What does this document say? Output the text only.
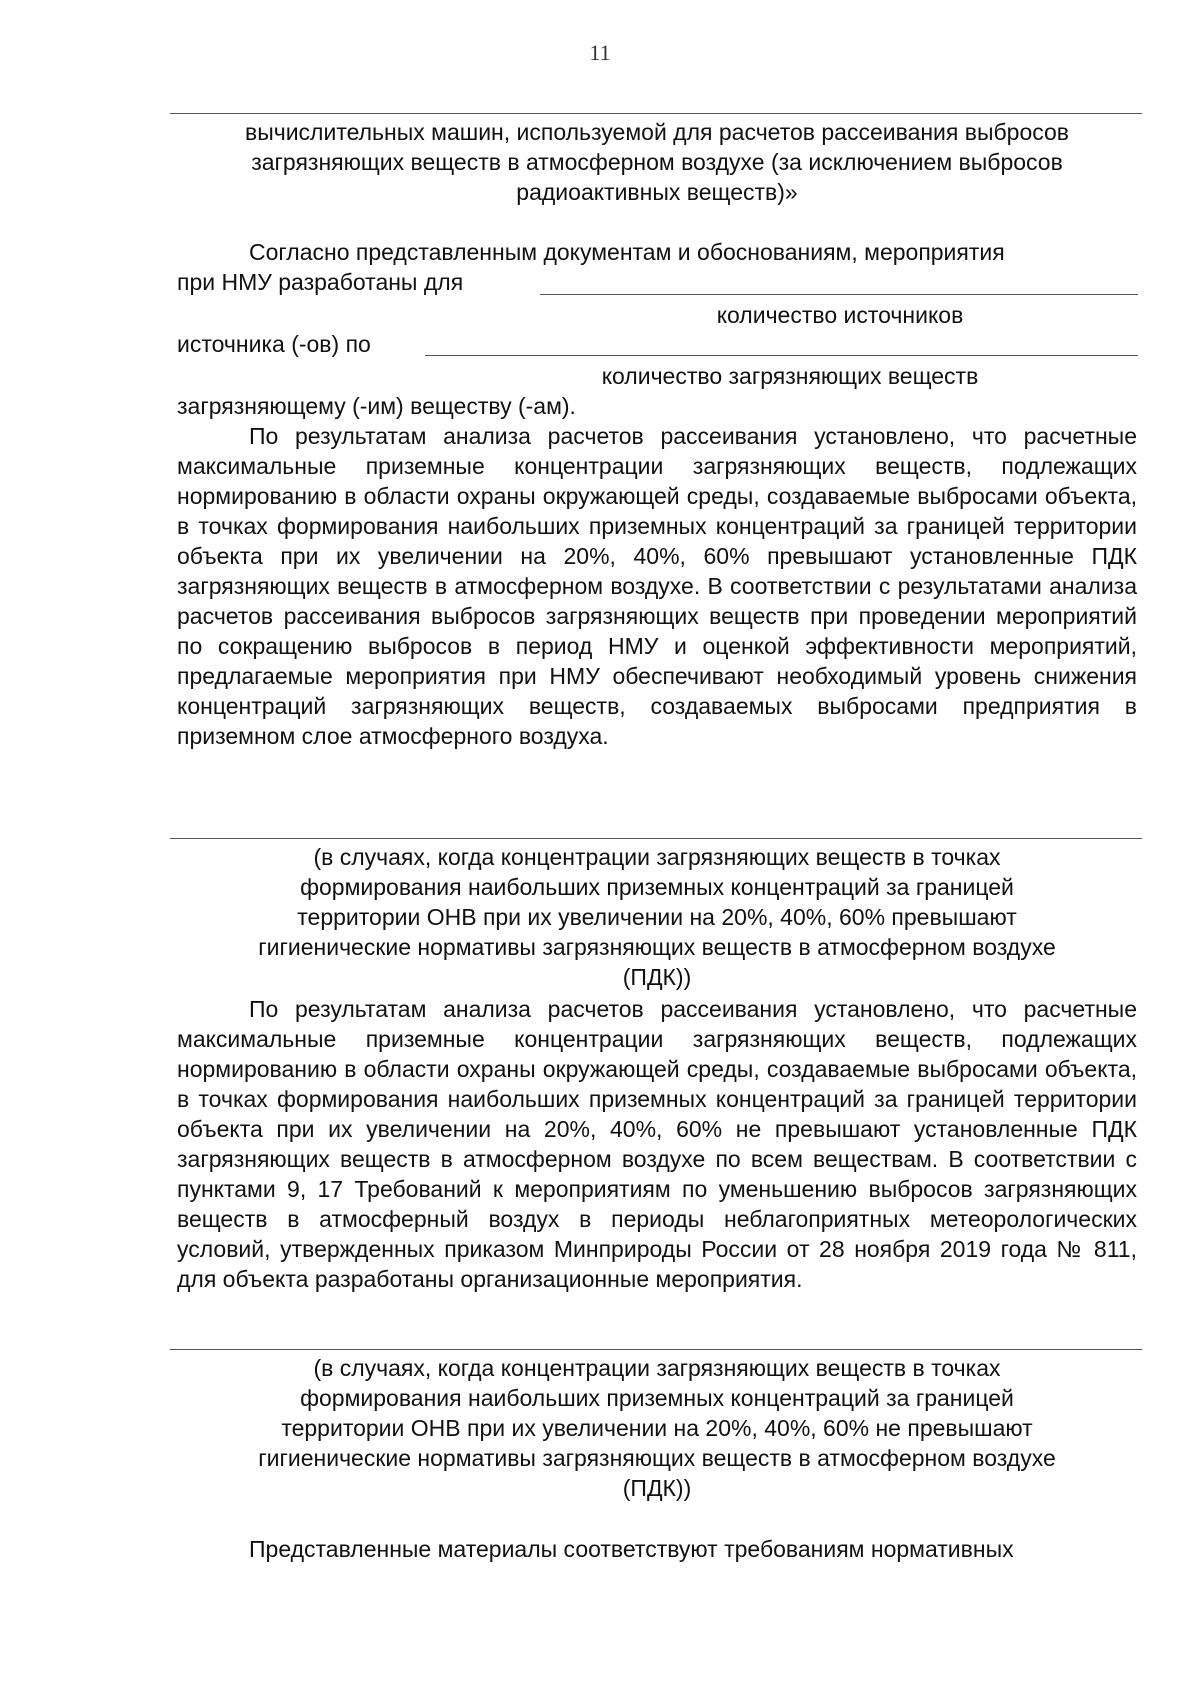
11
вычислительных машин, используемой для расчетов рассеивания выбросов
загрязняющих веществ в атмосферном воздухе (за исключением выбросов
радиоактивных веществ)»
Согласно представленным документам и обоснованиям, мероприятия
при НМУ разработаны для
количество источников
источника (-ов) по
количество загрязняющих веществ
загрязняющему (-им) веществу (-ам).
По результатам анализа расчетов рассеивания установлено, что расчетные максимальные приземные концентрации загрязняющих веществ, подлежащих нормированию в области охраны окружающей среды, создаваемые выбросами объекта, в точках формирования наибольших приземных концентраций за границей территории объекта при их увеличении на 20%, 40%, 60% превышают установленные ПДК загрязняющих веществ в атмосферном воздухе. В соответствии с результатами анализа расчетов рассеивания выбросов загрязняющих веществ при проведении мероприятий по сокращению выбросов в период НМУ и оценкой эффективности мероприятий, предлагаемые мероприятия при НМУ обеспечивают необходимый уровень снижения концентраций загрязняющих веществ, создаваемых выбросами предприятия в приземном слое атмосферного воздуха.
(в случаях, когда концентрации загрязняющих веществ в точках
формирования наибольших приземных концентраций за границей
территории ОНВ при их увеличении на 20%, 40%, 60% превышают
гигиенические нормативы загрязняющих веществ в атмосферном воздухе
(ПДК))
По результатам анализа расчетов рассеивания установлено, что расчетные максимальные приземные концентрации загрязняющих веществ, подлежащих нормированию в области охраны окружающей среды, создаваемые выбросами объекта, в точках формирования наибольших приземных концентраций за границей территории объекта при их увеличении на 20%, 40%, 60% не превышают установленные ПДК загрязняющих веществ в атмосферном воздухе по всем веществам. В соответствии с пунктами 9, 17 Требований к мероприятиям по уменьшению выбросов загрязняющих веществ в атмосферный воздух в периоды неблагоприятных метеорологических условий, утвержденных приказом Минприроды России от 28 ноября 2019 года № 811, для объекта разработаны организационные мероприятия.
(в случаях, когда концентрации загрязняющих веществ в точках
формирования наибольших приземных концентраций за границей
территории ОНВ при их увеличении на 20%, 40%, 60% не превышают
гигиенические нормативы загрязняющих веществ в атмосферном воздухе
(ПДК))
Представленные материалы соответствуют требованиям нормативных
